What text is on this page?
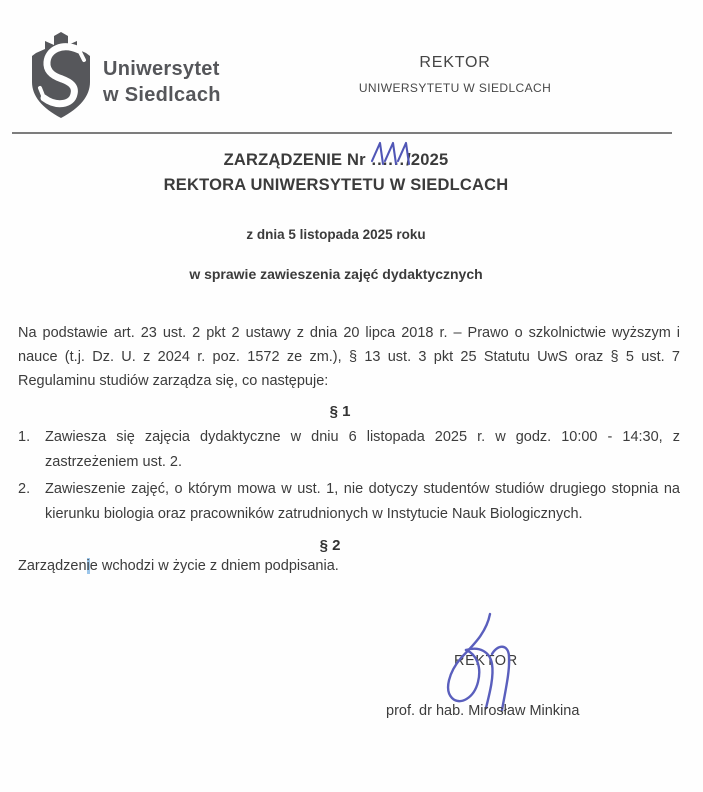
Uniwersytet
w Siedlcach
REKTOR
UNIWERSYTETU W SIEDLCACH
ZARZĄDZENIE Nr ......
/2025
REKTORA UNIWERSYTETU W SIEDLCACH
z dnia 5 listopada 2025 roku
w sprawie zawieszenia zajęć dydaktycznych
Na podstawie art. 23 ust. 2 pkt 2 ustawy z dnia 20 lipca 2018 r. – Prawo o szkolnictwie wyższym i nauce (t.j. Dz. U. z 2024 r. poz. 1572 ze zm.), § 13 ust. 3 pkt 25 Statutu UwS oraz § 5 ust. 7 Regulaminu studiów zarządza się, co następuje:
§ 1
1.	Zawiesza się zajęcia dydaktyczne w dniu 6 listopada 2025 r. w godz. 10:00 - 14:30, z zastrzeżeniem ust. 2.
2.	Zawieszenie zajęć, o którym mowa w ust. 1, nie dotyczy studentów studiów drugiego stopnia na kierunku biologia oraz pracowników zatrudnionych w Instytucie Nauk Biologicznych.
§ 2
Zarządzenie wchodzi w życie z dniem podpisania.
REKTOR
prof. dr hab. Mirosław Minkina
